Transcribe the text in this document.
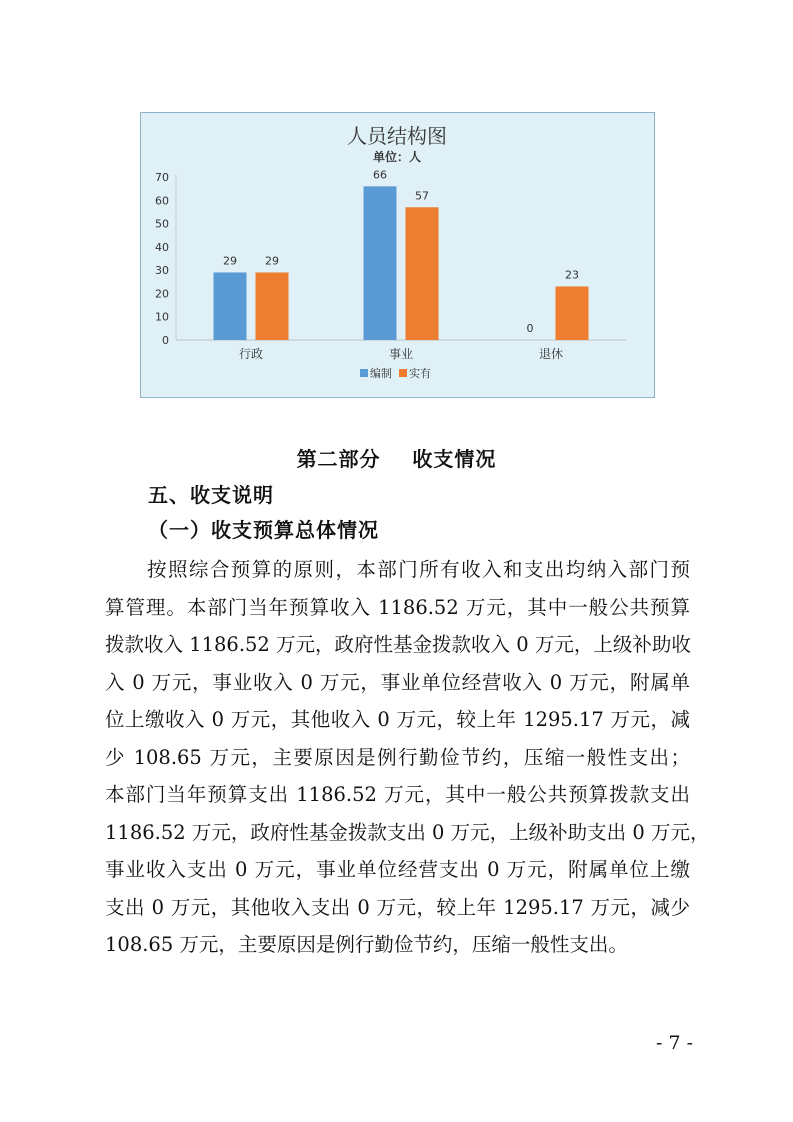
人员结构图
单位：人
0
10
20
30
40
50
60
70
29	29
66
57
0
23
行政	事业	退休
编制 实有
第二部分    收支情况
五、收支说明
（一）收支预算总体情况
按照综合预算的原则，本部门所有收入和支出均纳入部门预
算管理。本部门当年预算收入 1186.52 万元，其中一般公共预算
拨款收入 1186.52 万元，政府性基金拨款收入 0 万元，上级补助收
入 0 万元，事业收入 0 万元，事业单位经营收入 0 万元，附属单
位上缴收入 0 万元，其他收入 0 万元，较上年 1295.17 万元，减
少 108.65 万元，主要原因是例行勤俭节约，压缩一般性支出；
本部门当年预算支出 1186.52 万元，其中一般公共预算拨款支出
1186.52 万元，政府性基金拨款支出 0 万元，上级补助支出 0 万元，
事业收入支出 0 万元，事业单位经营支出 0 万元，附属单位上缴
支出 0 万元，其他收入支出 0 万元，较上年 1295.17 万元，减少
108.65 万元，主要原因是例行勤俭节约，压缩一般性支出。

- 7 -
